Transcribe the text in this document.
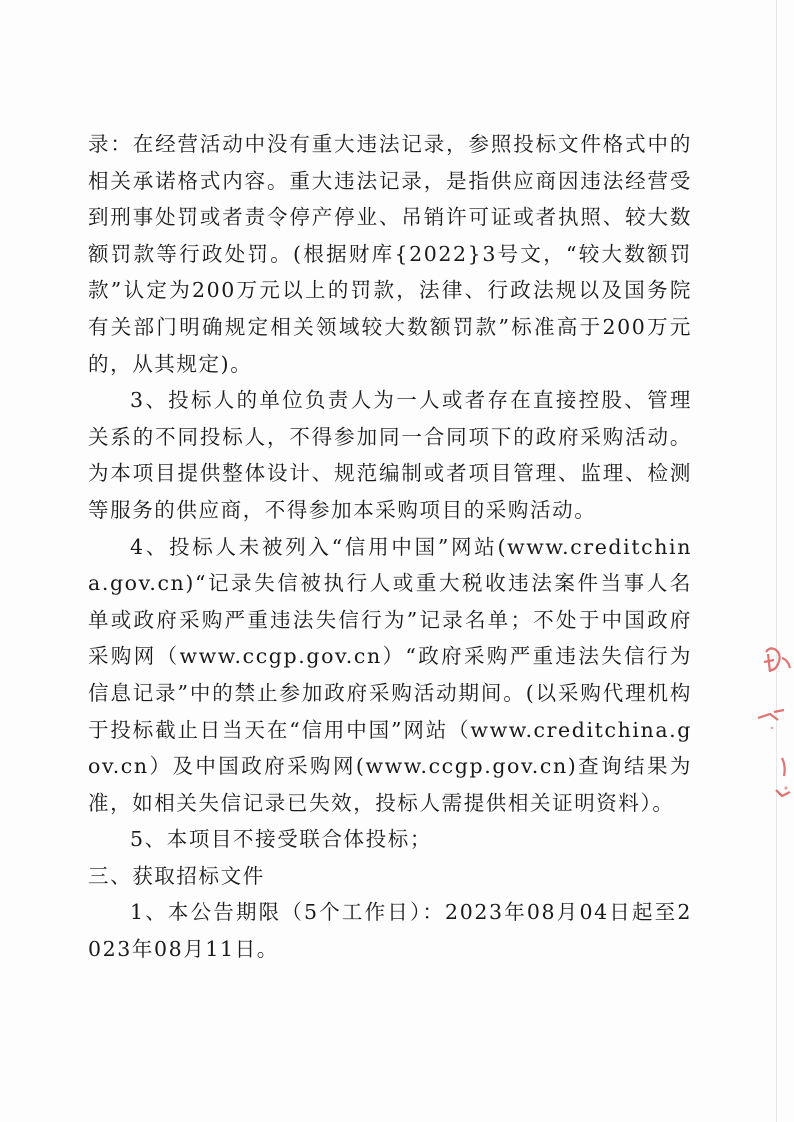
录：在经营活动中没有重大违法记录，参照投标文件格式中的相关承诺格式内容。重大违法记录，是指供应商因违法经营受到刑事处罚或者责令停产停业、吊销许可证或者执照、较大数额罚款等行政处罚。(根据财库{2022}3号文，“较大数额罚款”认定为200万元以上的罚款，法律、行政法规以及国务院有关部门明确规定相关领域较大数额罚款”标准高于200万元的，从其规定)。

3、投标人的单位负责人为一人或者存在直接控股、管理关系的不同投标人，不得参加同一合同项下的政府采购活动。为本项目提供整体设计、规范编制或者项目管理、监理、检测等服务的供应商，不得参加本采购项目的采购活动。

4、投标人未被列入“信用中国”网站(www.creditchina.gov.cn)“记录失信被执行人或重大税收违法案件当事人名单或政府采购严重违法失信行为”记录名单；不处于中国政府采购网（www.ccgp.gov.cn）“政府采购严重违法失信行为信息记录”中的禁止参加政府采购活动期间。(以采购代理机构于投标截止日当天在“信用中国”网站（www.creditchina.gov.cn）及中国政府采购网(www.ccgp.gov.cn)查询结果为准，如相关失信记录已失效，投标人需提供相关证明资料）。

5、本项目不接受联合体投标；

三、获取招标文件

1、本公告期限（5个工作日）：2023年08月04日起至2023年08月11日。
